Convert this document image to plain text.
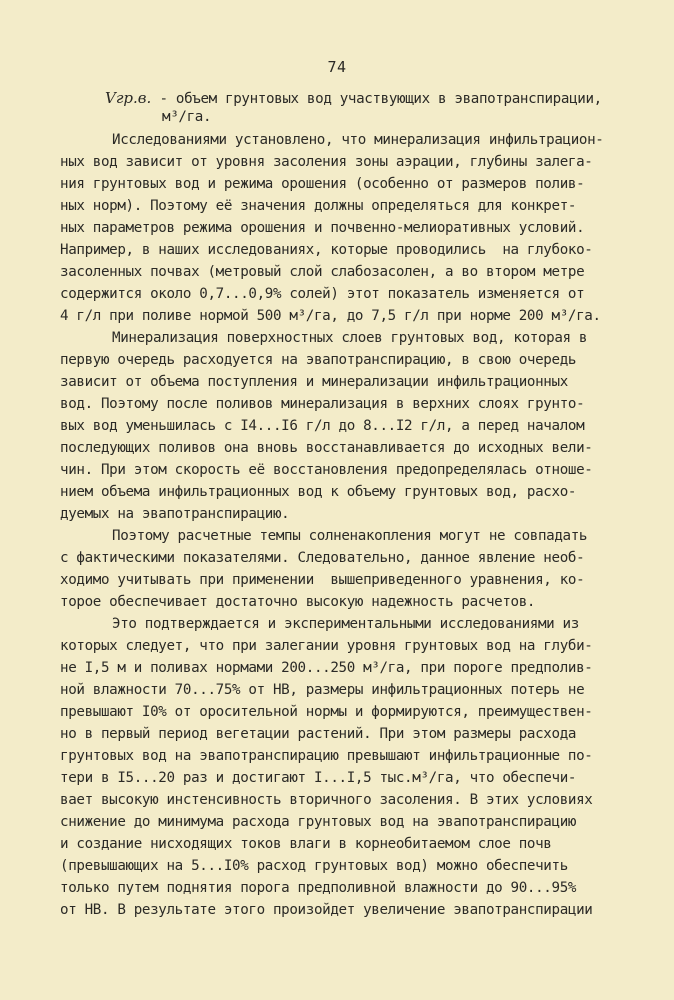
74
Vгр.в. - объем грунтовых вод участвующих в эвапотранспирации,
м³/га.
Исследованиями установлено, что минерализация инфильтрацион-
ных вод зависит от уровня засоления зоны аэрации, глубины залега-
ния грунтовых вод и режима орошения (особенно от размеров полив-
ных норм). Поэтому её значения должны определяться для конкрет-
ных параметров режима орошения и почвенно-мелиоративных условий.
Например, в наших исследованиях, которые проводились  на глубоко-
засоленных почвах (метровый слой слабозасолен, а во втором метре
содержится около 0,7...0,9% солей) этот показатель изменяется от
4 г/л при поливе нормой 500 м³/га, до 7,5 г/л при норме 200 м³/га.
Минерализация поверхностных слоев грунтовых вод, которая в
первую очередь расходуется на эвапотранспирацию, в свою очередь
зависит от объема поступления и минерализации инфильтрационных
вод. Поэтому после поливов минерализация в верхних слоях грунто-
вых вод уменьшилась с I4...I6 г/л до 8...I2 г/л, а перед началом
последующих поливов она вновь восстанавливается до исходных вели-
чин. При этом скорость её восстановления предопределялась отноше-
нием объема инфильтрационных вод к объему грунтовых вод, расхо-
дуемых на эвапотранспирацию.
Поэтому расчетные темпы солненакопления могут не совпадать
с фактическими показателями. Следовательно, данное явление необ-
ходимо учитывать при применении  вышеприведенного уравнения, ко-
торое обеспечивает достаточно высокую надежность расчетов.
Это подтверждается и экспериментальными исследованиями из
которых следует, что при залегании уровня грунтовых вод на глуби-
не I,5 м и поливах нормами 200...250 м³/га, при пороге предполив-
ной влажности 70...75% от НВ, размеры инфильтрационных потерь не
превышают I0% от оросительной нормы и формируются, преимуществен-
но в первый период вегетации растений. При этом размеры расхода
грунтовых вод на эвапотранспирацию превышают инфильтрационные по-
тери в I5...20 раз и достигают I...I,5 тыс.м³/га, что обеспечи-
вает высокую инстенсивность вторичного засоления. В этих условиях
снижение до минимума расхода грунтовых вод на эвапотранспирацию
и создание нисходящих токов влаги в корнеобитаемом слое почв
(превышающих на 5...I0% расход грунтовых вод) можно обеспечить
только путем поднятия порога предполивной влажности до 90...95%
от НВ. В результате этого произойдет увеличение эвапотранспирации
